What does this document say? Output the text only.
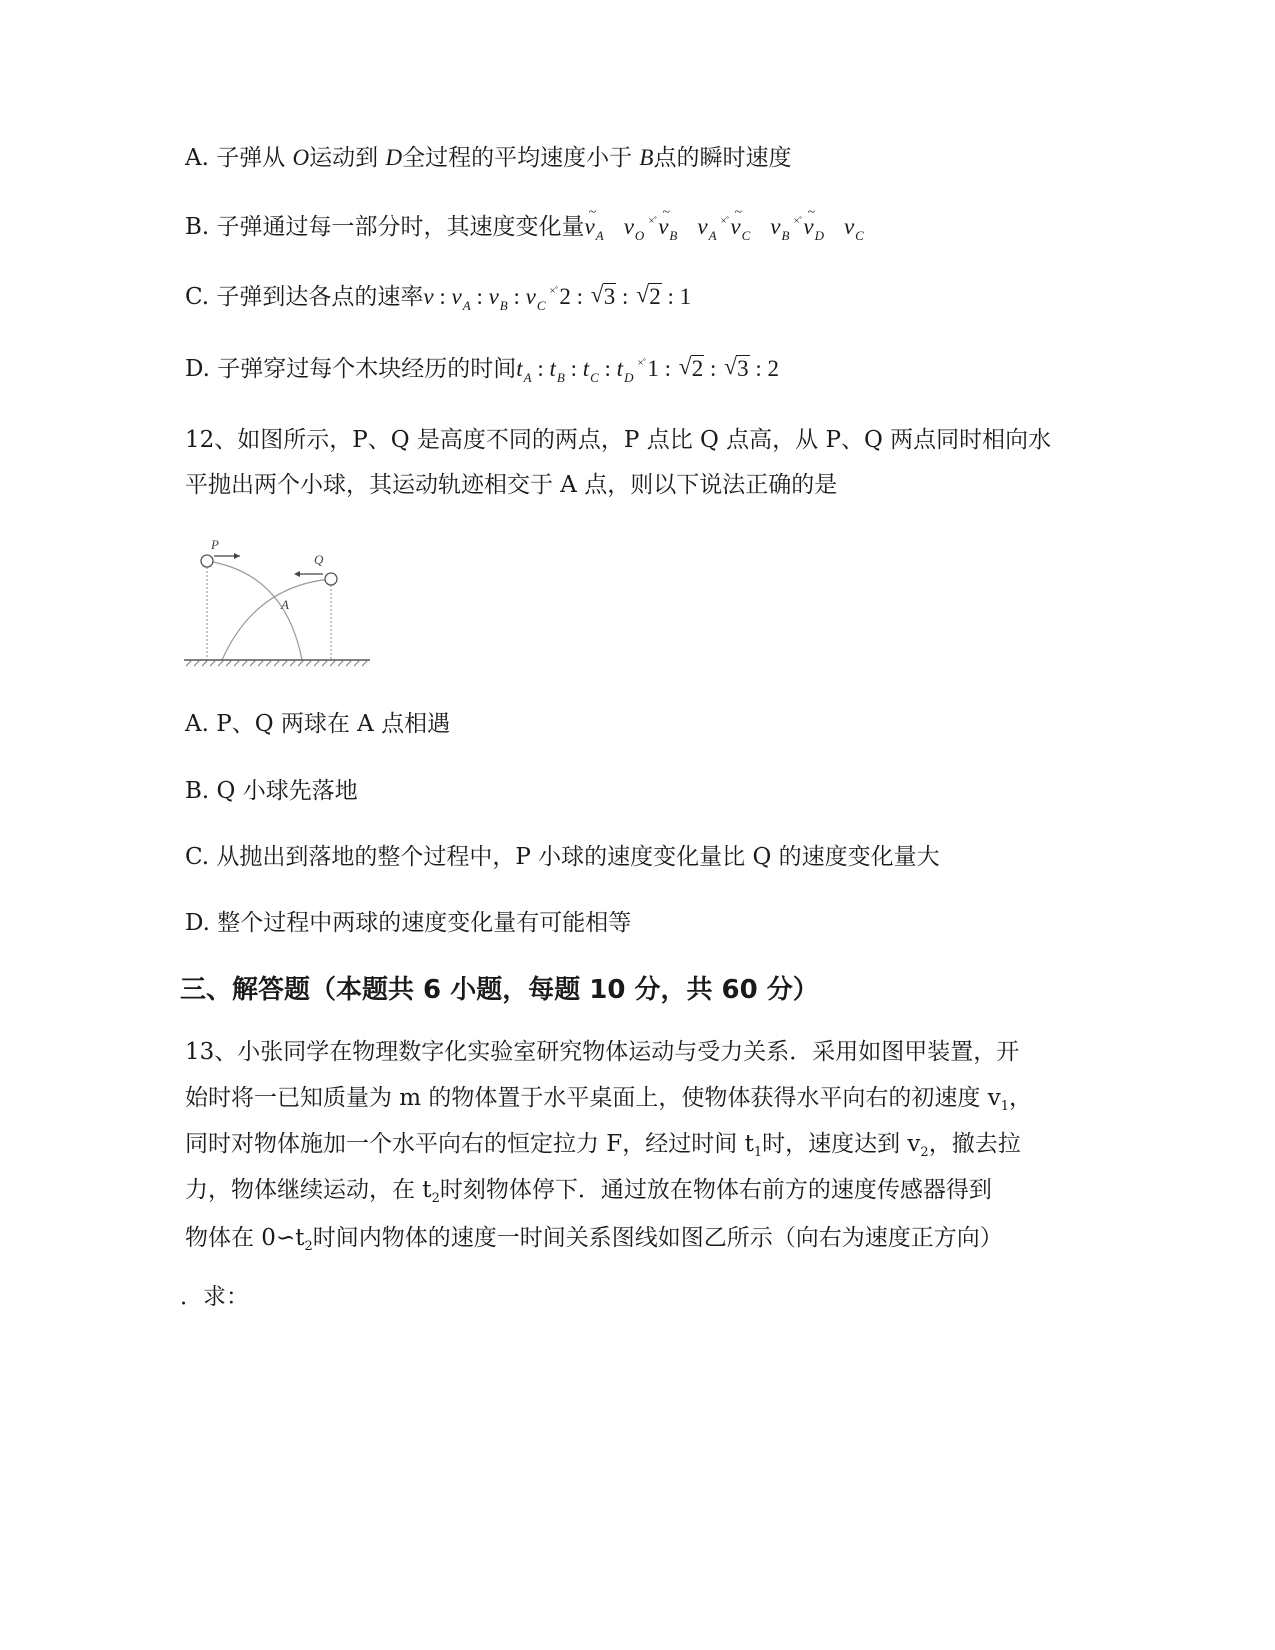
A. 子弹从 O运动到 D全过程的平均速度小于 B点的瞬时速度
B. 子弹通过每一部分时，其速度变化量v $\sim_A$ $v_O^{\times˚}v$ $\sim_B$ $v_A^{\times˚}v$ $\sim_C$ $v_B^{\times˚}v$ $\sim_D$ $v_C$
C. 子弹到达各点的速率v : $v_A$ : $v_B$ : $v_C^{\times˚}2$ : √ 3 : √ 2 : 1
D. 子弹穿过每个木块经历的时间$t_A$ : $t_B$ : $t_C$ : $t_D^{\times˚}1$ : √ 2 : √ 3 : 2
12、如图所示，P、Q 是高度不同的两点，P 点比 Q 点高，从 P、Q 两点同时相向水
平抛出两个小球，其运动轨迹相交于 A 点，则以下说法正确的是
P
Q
A
A. P、Q 两球在 A 点相遇
B. Q 小球先落地
C. 从抛出到落地的整个过程中，P 小球的速度变化量比 Q 的速度变化量大
D. 整个过程中两球的速度变化量有可能相等
三、解答题（本题共 6 小题，每题 10 分，共 60 分）
13、小张同学在物理数字化实验室研究物体运动与受力关系．采用如图甲装置，开
始时将一已知质量为 m 的物体置于水平桌面上，使物体获得水平向右的初速度 $v_1$，
同时对物体施加一个水平向右的恒定拉力 F，经过时间 $t_1$时，速度达到 $v_2$，撤去拉
力，物体继续运动，在 $t_2$时刻物体停下．通过放在物体右前方的速度传感器得到
物体在 $0∽t_2$时间内物体的速度一时间关系图线如图乙所示（向右为速度正方向）
．求：
